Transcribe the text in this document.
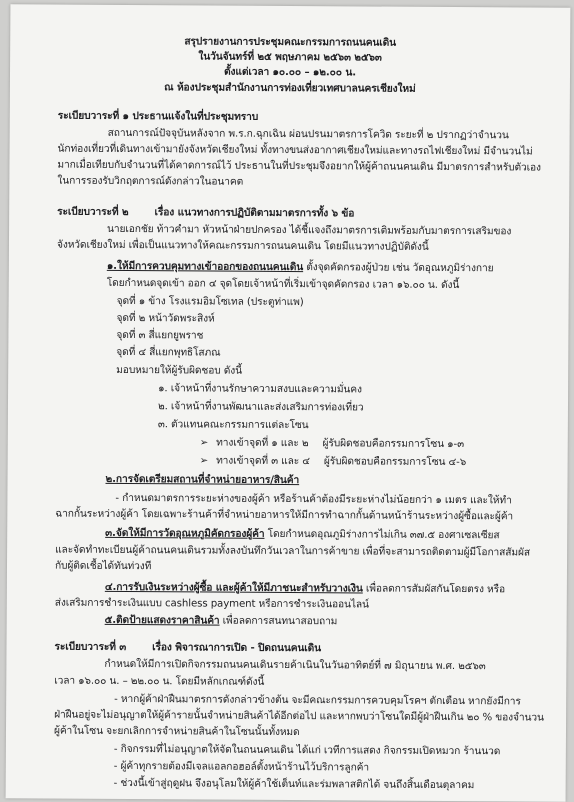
สรุปรายงานการประชุมคณะกรรมการถนนคนเดิน
ในวันจันทร์ที่ ๒๕ พฤษภาคม ๒๕๖๓ ๒๕๖๓
ตั้งแต่เวลา ๑๐.๐๐ – ๑๒.๐๐ น.
ณ ห้องประชุมสำนักงานการท่องเที่ยวเทศบาลนครเชียงใหม่
ระเบียบวาระที่ ๑ ประธานแจ้งในที่ประชุมทราบ
สถานการณ์ปัจจุบันหลังจาก พ.ร.ก.ฉุกเฉิน ผ่อนปรนมาตรการโควิด ระยะที่ ๒ ปรากฏว่าจำนวน
นักท่องเที่ยวที่เดินทางเข้ามายังจังหวัดเชียงใหม่ ทั้งทางขนส่งอากาศเชียงใหม่และทางรถไฟเชียงใหม่ มีจำนวนไม่
มากเมื่อเทียบกับจำนวนที่ได้คาดการณ์ไว้ ประธานในที่ประชุมจึงอยากให้ผู้ค้าถนนคนเดิน มีมาตรการสำหรับตัวเอง
ในการรองรับวิกฤตการณ์ดังกล่าวในอนาคต
ระเบียบวาระที่ ๒	เรื่อง แนวทางการปฏิบัติตามมาตรการทั้ง ๖ ข้อ
นายเอกชัย ท้าวคำมา หัวหน้าฝ่ายปกครอง ได้ชี้แจงถึงมาตรการเติมพร้อมกับมาตรการเสริมของ
จังหวัดเชียงใหม่ เพื่อเป็นแนวทางให้คณะกรรมการถนนคนเดิน โดยมีแนวทางปฏิบัติดังนี้
๑.ให้มีการควบคุมทางเข้าออกของถนนคนเดิน ตั้งจุดคัดกรองผู้ป่วย เช่น วัดอุณหภูมิร่างกาย
โดยกำหนดจุดเข้า ออก ๔ จุดโดยเจ้าหน้าที่เริ่มเข้าจุดคัดกรอง เวลา ๑๖.๐๐ น. ดังนี้
จุดที่ ๑ ข้าง โรงแรมอิมโซเทล (ประตูท่าแพ)
จุดที่ ๒ หน้าวัดพระสิงห์
จุดที่ ๓ สี่แยกยูพราช
จุดที่ ๔ สี่แยกพุทธิโสภณ
มอบหมายให้ผู้รับผิดชอบ ดังนี้
๑. เจ้าหน้าที่งานรักษาความสงบและความมั่นคง
๒. เจ้าหน้าที่งานพัฒนาและส่งเสริมการท่องเที่ยว
๓. ตัวแทนคณะกรรมการแต่ละโซน
➢ ทางเข้าจุดที่ ๑ และ ๒ ผู้รับผิดชอบคือกรรมการโซน ๑-๓
➢ ทางเข้าจุดที่ ๓ และ ๔ ผู้รับผิดชอบคือกรรมการโซน ๔-๖
๒.การจัดเตรียมสถานที่จำหน่ายอาหาร/สินค้า
- กำหนดมาตรการระยะห่างของผู้ค้า หรือร้านค้าต้องมีระยะห่างไม่น้อยกว่า ๑ เมตร และให้ทำ
ฉากกั้นระหว่างผู้ค้า โดยเฉพาะร้านค้าที่จำหน่ายอาหารให้มีการทำฉากกั้นด้านหน้าร้านระหว่างผู้ซื้อและผู้ค้า
๓.จัดให้มีการวัดอุณหภูมิคัดกรองผู้ค้า โดยกำหนดอุณภูมิร่างการไม่เกิน ๓๗.๕ องศาเซลเซียส
และจัดทำทะเบียนผู้ค้าถนนคนเดินรวมทั้งลงบันทึกวันเวลาในการค้าขาย เพื่อที่จะสามารถติดตามผู้มีโอกาสสัมผัส
กับผู้ติดเชื้อได้ทันท่วงที
๔.การรับเงินระหว่างผู้ซื้อ และผู้ค้าให้มีภาชนะสำหรับวางเงิน เพื่อลดการสัมผัสกันโดยตรง หรือ
ส่งเสริมการชำระเงินแบบ cashless payment หรือการชำระเงินออนไลน์
๕.ติดป้ายแสดงราคาสินค้า เพื่อลดการสนทนาสอบถาม
ระเบียบวาระที่ ๓	เรื่อง พิจารณาการเปิด - ปิดถนนคนเดิน
กำหนดให้มีการเปิดกิจกรรมถนนคนเดินรายค้าเนินในวันอาทิตย์ที่ ๗ มิถุนายน พ.ศ. ๒๕๖๓
เวลา ๑๖.๐๐ น. – ๒๒.๐๐ น. โดยมีหลักเกณฑ์ดังนี้
- หากผู้ค้าฝ่าฝืนมาตรการดังกล่าวข้างต้น จะมีคณะกรรมการควบคุมโรคฯ ตักเตือน หากยังมีการ
ฝ่าฝืนอยู่จะไม่อนุญาตให้ผู้ค้ารายนั้นจำหน่ายสินค้าได้อีกต่อไป และหากพบว่าโซนใดมีผู้ฝ่าฝืนเกิน ๒๐ % ของจำนวน
ผู้ค้าในโซน จะยกเลิกการจำหน่ายสินค้าในโซนนั้นทั้งหมด
- กิจกรรมที่ไม่อนุญาตให้จัดในถนนคนเดิน ได้แก่ เวทีการแสดง กิจกรรมเปิดหมวก ร้านนวด
- ผู้ค้าทุกรายต้องมีเจลแอลกอฮอล์ตั้งหน้าร้านไว้บริการลูกค้า
- ช่วงนี้เข้าสู่ฤดูฝน จึงอนุโลมให้ผู้ค้าใช้เต็นท์และร่มพลาสติกได้ จนถึงสิ้นเดือนตุลาคม
